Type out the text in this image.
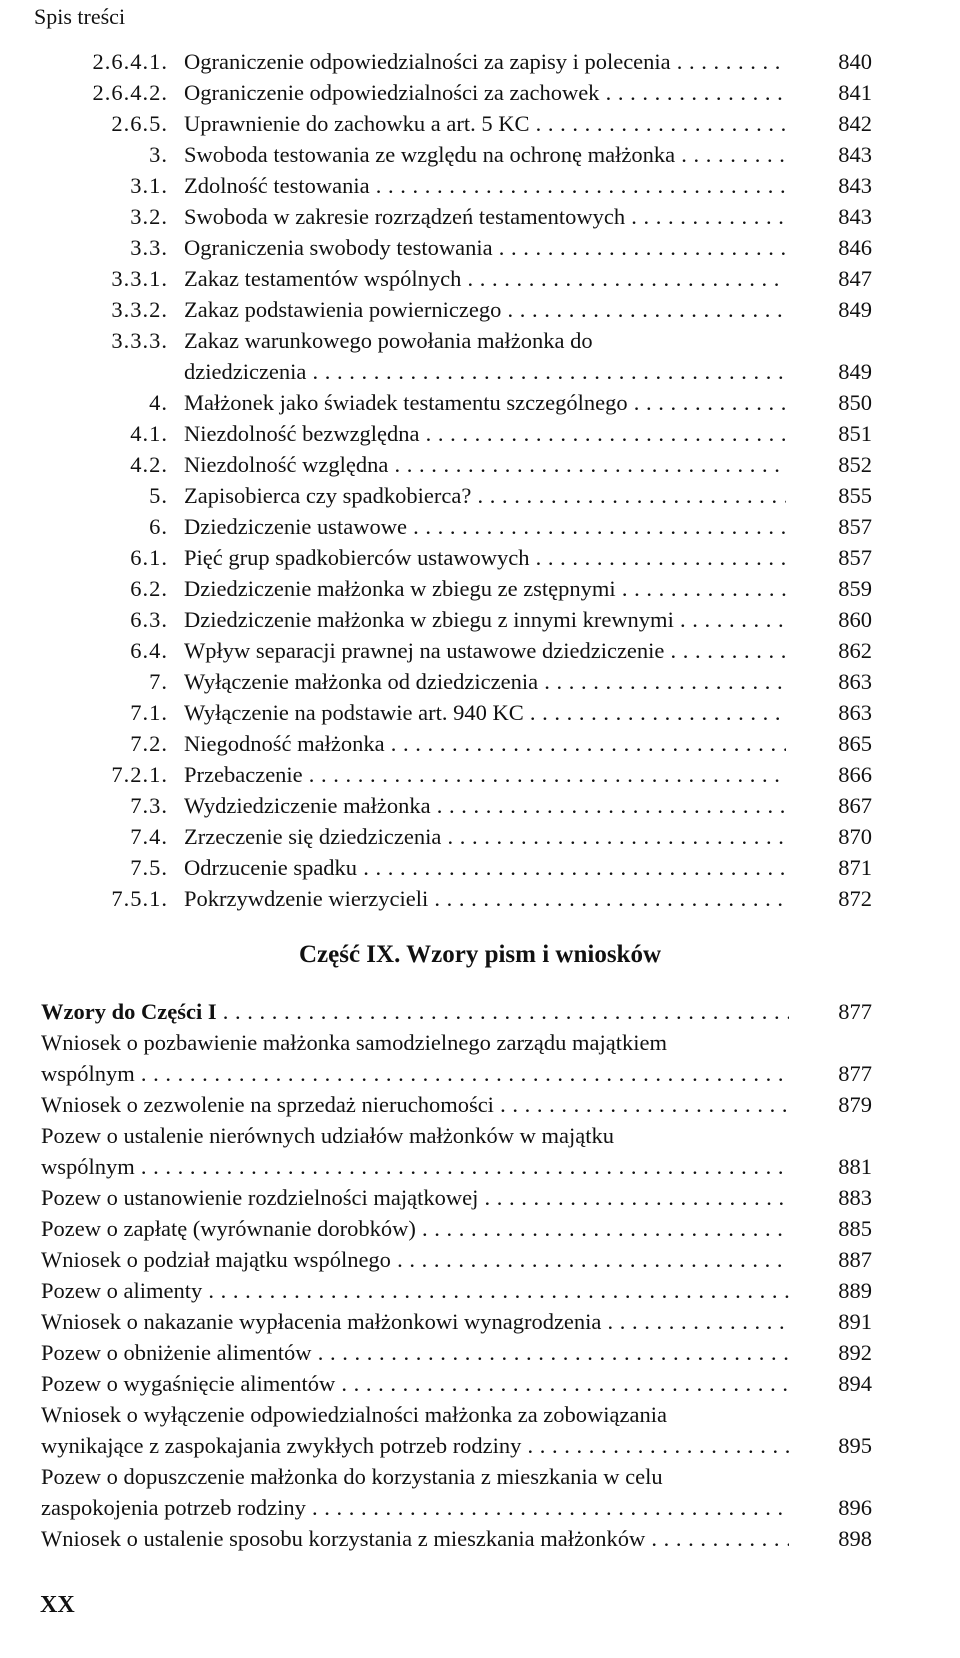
Spis treści
2.6.4.1. Ograniczenie odpowiedzialności za zapisy i polecenia . . .	840
2.6.4.2. Ograniczenie odpowiedzialności za zachowek . . .	841
2.6.5. Uprawnienie do zachowku a art. 5 KC . . .	842
3. Swoboda testowania ze względu na ochronę małżonka . . .	843
3.1. Zdolność testowania . . .	843
3.2. Swoboda w zakresie rozrządzeń testamentowych . . .	843
3.3. Ograniczenia swobody testowania . . .	846
3.3.1. Zakaz testamentów wspólnych . . .	847
3.3.2. Zakaz podstawienia powierniczego . . .	849
3.3.3. Zakaz warunkowego powołania małżonka do
dziedziczenia . . .	849
4. Małżonek jako świadek testamentu szczególnego . . .	850
4.1. Niezdolność bezwzględna . . .	851
4.2. Niezdolność względna . . .	852
5. Zapisobierca czy spadkobierca? . . .	855
6. Dziedziczenie ustawowe . . .	857
6.1. Pięć grup spadkobierców ustawowych . . .	857
6.2. Dziedziczenie małżonka w zbiegu ze zstępnymi . . .	859
6.3. Dziedziczenie małżonka w zbiegu z innymi krewnymi . . .	860
6.4. Wpływ separacji prawnej na ustawowe dziedziczenie . . .	862
7. Wyłączenie małżonka od dziedziczenia . . .	863
7.1. Wyłączenie na podstawie art. 940 KC . . .	863
7.2. Niegodność małżonka . . .	865
7.2.1. Przebaczenie . . .	866
7.3. Wydziedziczenie małżonka . . .	867
7.4. Zrzeczenie się dziedziczenia . . .	870
7.5. Odrzucenie spadku . . .	871
7.5.1. Pokrzywdzenie wierzycieli . . .	872
Część IX. Wzory pism i wniosków
Wzory do Części I . . .	877
Wniosek o pozbawienie małżonka samodzielnego zarządu majątkiem
wspólnym . . .	877
Wniosek o zezwolenie na sprzedaż nieruchomości . . .	879
Pozew o ustalenie nierównych udziałów małżonków w majątku
wspólnym . . .	881
Pozew o ustanowienie rozdzielności majątkowej . . .	883
Pozew o zapłatę (wyrównanie dorobków) . . .	885
Wniosek o podział majątku wspólnego . . .	887
Pozew o alimenty . . .	889
Wniosek o nakazanie wypłacenia małżonkowi wynagrodzenia . . .	891
Pozew o obniżenie alimentów . . .	892
Pozew o wygaśnięcie alimentów . . .	894
Wniosek o wyłączenie odpowiedzialności małżonka za zobowiązania
wynikające z zaspokajania zwykłych potrzeb rodziny . . .	895
Pozew o dopuszczenie małżonka do korzystania z mieszkania w celu
zaspokojenia potrzeb rodziny . . .	896
Wniosek o ustalenie sposobu korzystania z mieszkania małżonków . . .	898
XX
